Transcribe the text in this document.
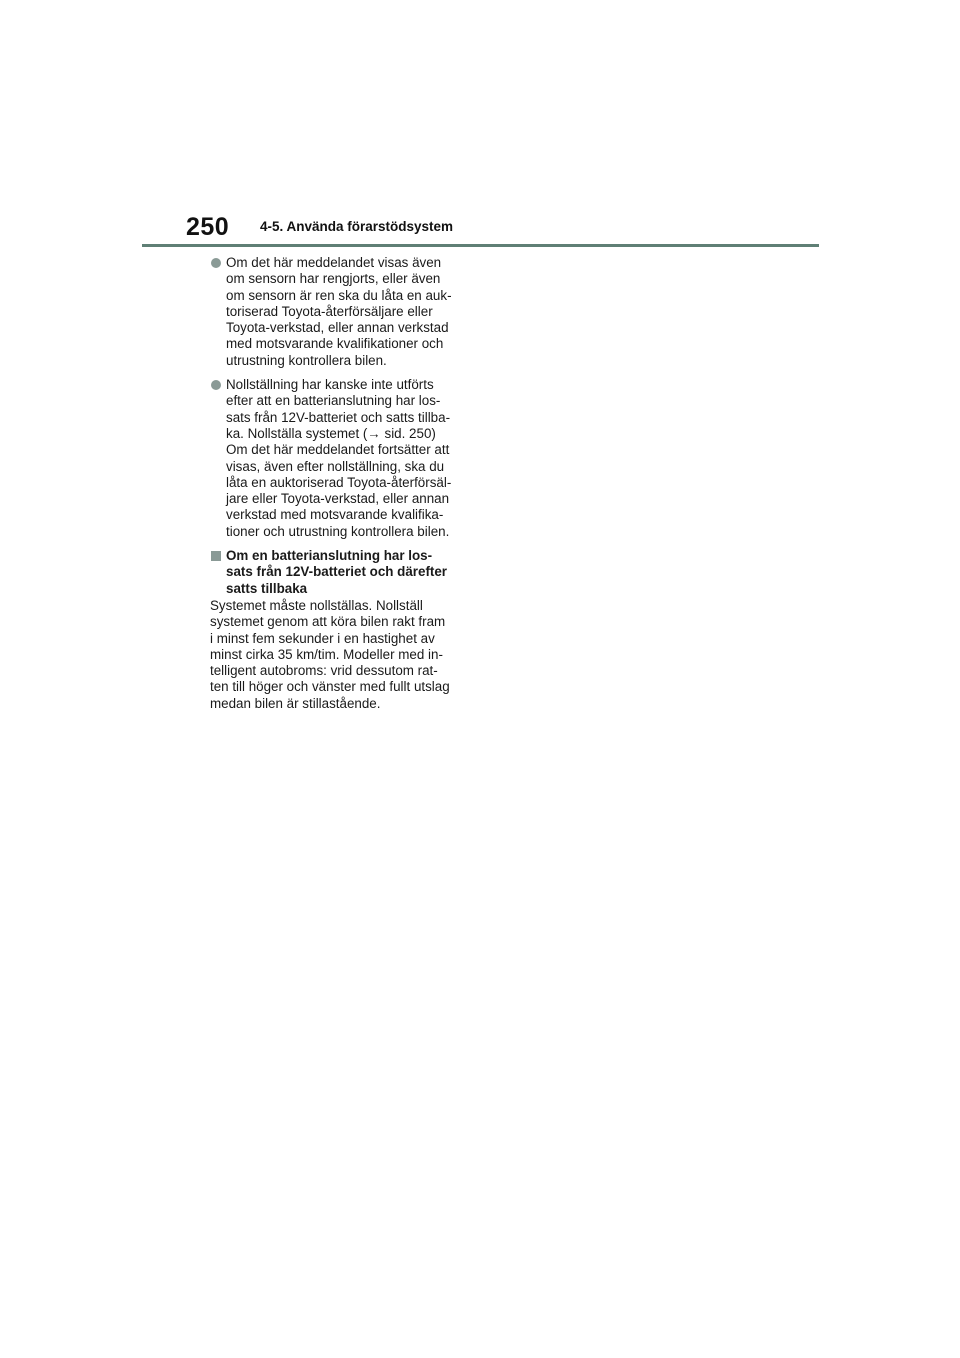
250 4-5. Använda förarstödsystem
Om det här meddelandet visas även
om sensorn har rengjorts, eller även
om sensorn är ren ska du låta en auk-
toriserad Toyota-återförsäljare eller
Toyota-verkstad, eller annan verkstad
med motsvarande kvalifikationer och
utrustning kontrollera bilen.
Nollställning har kanske inte utförts
efter att en batterianslutning har los-
sats från 12V-batteriet och satts tillba-
ka. Nollställa systemet (→ sid. 250)
Om det här meddelandet fortsätter att
visas, även efter nollställning, ska du
låta en auktoriserad Toyota-återförsäl-
jare eller Toyota-verkstad, eller annan
verkstad med motsvarande kvalifika-
tioner och utrustning kontrollera bilen.
Om en batterianslutning har los-
sats från 12V-batteriet och därefter
satts tillbaka
Systemet måste nollställas. Nollställ
systemet genom att köra bilen rakt fram
i minst fem sekunder i en hastighet av
minst cirka 35 km/tim. Modeller med in-
telligent autobroms: vrid dessutom rat-
ten till höger och vänster med fullt utslag
medan bilen är stillastående.
